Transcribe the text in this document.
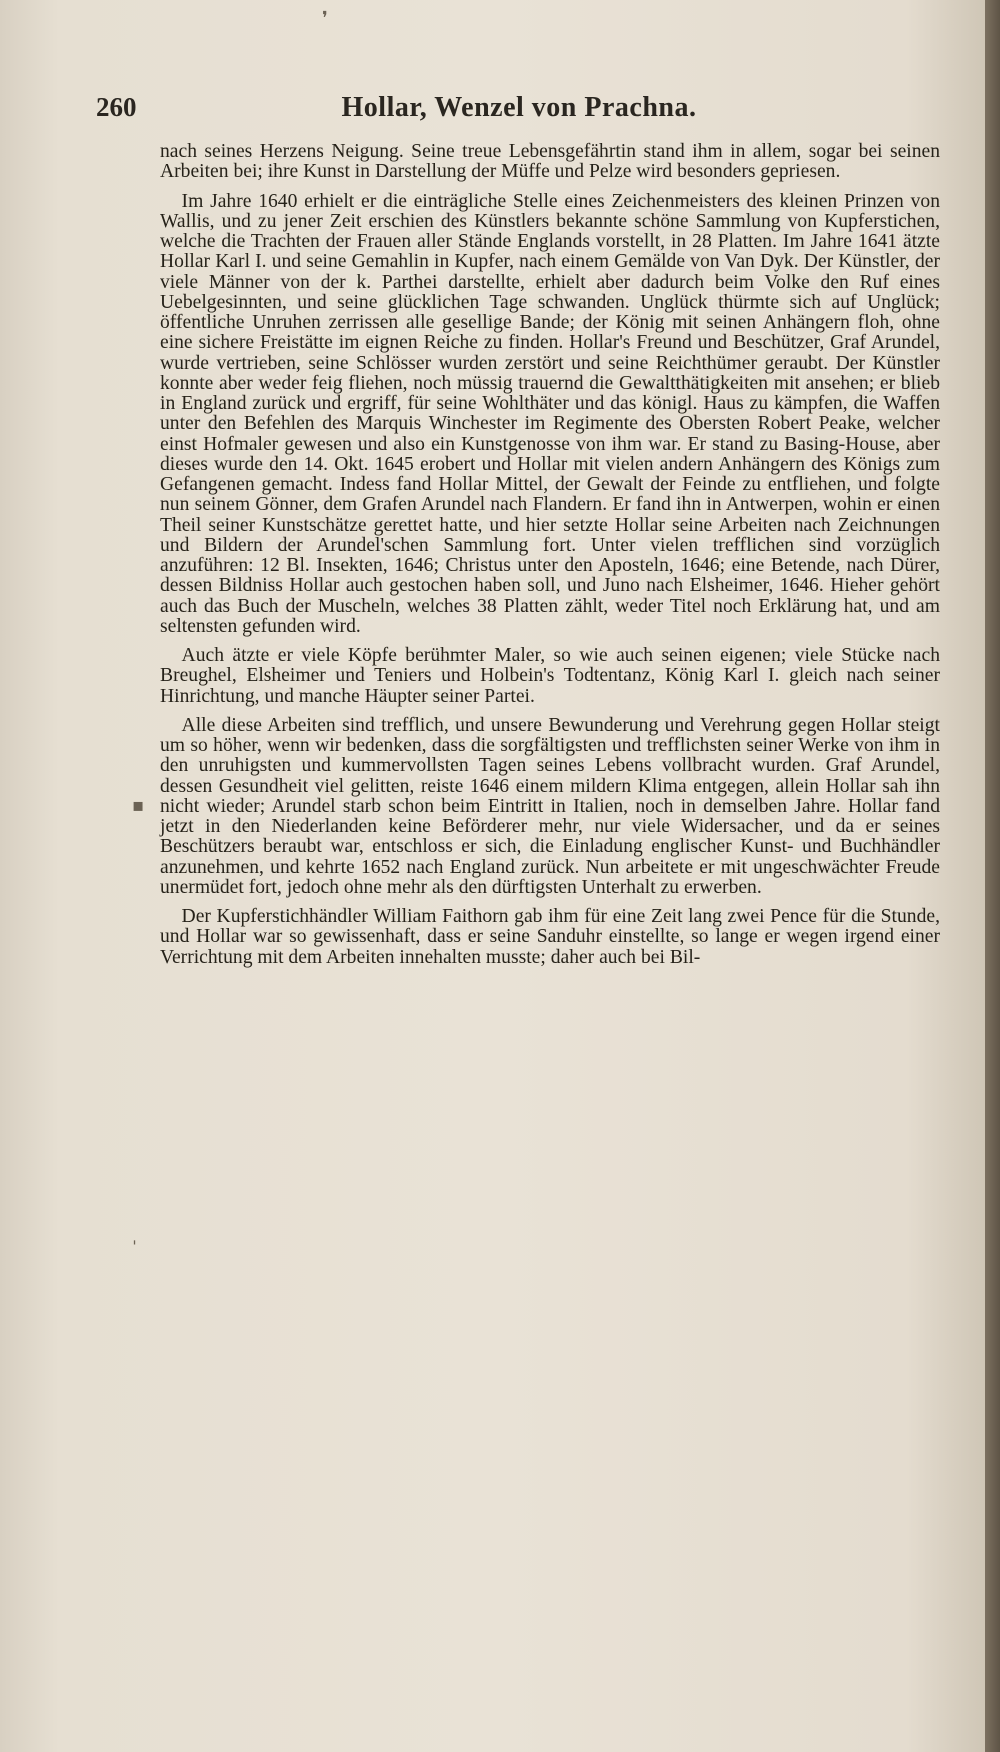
❜
▪
ˈ
260	Hollar, Wenzel von Prachna.

nach seines Herzens Neigung. Seine treue Lebensgefährtin stand ihm in allem, sogar bei seinen Arbeiten bei; ihre Kunst in Darstellung der Müffe und Pelze wird besonders gepriesen.

Im Jahre 1640 erhielt er die einträgliche Stelle eines Zeichenmeisters des kleinen Prinzen von Wallis, und zu jener Zeit erschien des Künstlers bekannte schöne Sammlung von Kupferstichen, welche die Trachten der Frauen aller Stände Englands vorstellt, in 28 Platten. Im Jahre 1641 ätzte Hollar Karl I. und seine Gemahlin in Kupfer, nach einem Gemälde von Van Dyk. Der Künstler, der viele Männer von der k. Parthei darstellte, erhielt aber dadurch beim Volke den Ruf eines Uebelgesinnten, und seine glücklichen Tage schwanden. Unglück thürmte sich auf Unglück; öffentliche Unruhen zerrissen alle gesellige Bande; der König mit seinen Anhängern floh, ohne eine sichere Freistätte im eignen Reiche zu finden. Hollar's Freund und Beschützer, Graf Arundel, wurde vertrieben, seine Schlösser wurden zerstört und seine Reichthümer geraubt. Der Künstler konnte aber weder feig fliehen, noch müssig trauernd die Gewaltthätigkeiten mit ansehen; er blieb in England zurück und ergriff, für seine Wohlthäter und das königl. Haus zu kämpfen, die Waffen unter den Befehlen des Marquis Winchester im Regimente des Obersten Robert Peake, welcher einst Hofmaler gewesen und also ein Kunstgenosse von ihm war. Er stand zu Basing-House, aber dieses wurde den 14. Okt. 1645 erobert und Hollar mit vielen andern Anhängern des Königs zum Gefangenen gemacht. Indess fand Hollar Mittel, der Gewalt der Feinde zu entfliehen, und folgte nun seinem Gönner, dem Grafen Arundel nach Flandern. Er fand ihn in Antwerpen, wohin er einen Theil seiner Kunstschätze gerettet hatte, und hier setzte Hollar seine Arbeiten nach Zeichnungen und Bildern der Arundel'schen Sammlung fort. Unter vielen trefflichen sind vorzüglich anzuführen: 12 Bl. Insekten, 1646; Christus unter den Aposteln, 1646; eine Betende, nach Dürer, dessen Bildniss Hollar auch gestochen haben soll, und Juno nach Elsheimer, 1646. Hieher gehört auch das Buch der Muscheln, welches 38 Platten zählt, weder Titel noch Erklärung hat, und am seltensten gefunden wird.

Auch ätzte er viele Köpfe berühmter Maler, so wie auch seinen eigenen; viele Stücke nach Breughel, Elsheimer und Teniers und Holbein's Todtentanz, König Karl I. gleich nach seiner Hinrichtung, und manche Häupter seiner Partei.

Alle diese Arbeiten sind trefflich, und unsere Bewunderung und Verehrung gegen Hollar steigt um so höher, wenn wir bedenken, dass die sorgfältigsten und trefflichsten seiner Werke von ihm in den unruhigsten und kummervollsten Tagen seines Lebens vollbracht wurden. Graf Arundel, dessen Gesundheit viel gelitten, reiste 1646 einem mildern Klima entgegen, allein Hollar sah ihn nicht wieder; Arundel starb schon beim Eintritt in Italien, noch in demselben Jahre. Hollar fand jetzt in den Niederlanden keine Beförderer mehr, nur viele Widersacher, und da er seines Beschützers beraubt war, entschloss er sich, die Einladung englischer Kunst- und Buchhändler anzunehmen, und kehrte 1652 nach England zurück. Nun arbeitete er mit ungeschwächter Freude unermüdet fort, jedoch ohne mehr als den dürftigsten Unterhalt zu erwerben.

Der Kupferstichhändler William Faithorn gab ihm für eine Zeit lang zwei Pence für die Stunde, und Hollar war so gewissenhaft, dass er seine Sanduhr einstellte, so lange er wegen irgend einer Verrichtung mit dem Arbeiten innehalten musste; daher auch bei Bil-
